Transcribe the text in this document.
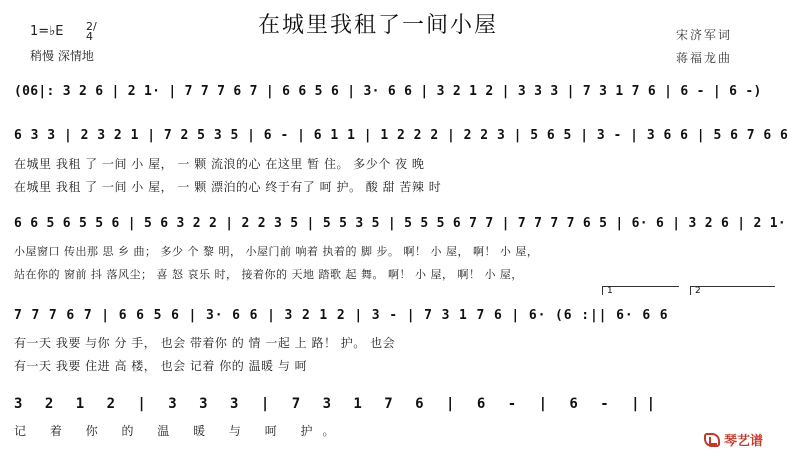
1=♭E 2/4
稍慢 深情地
在城里我租了一间小屋	宋济军词
蒋福龙曲
(06|: 3 2 6 | 2 1· | 7 7 7 6 7 | 6 6 5 6 | 3· 6 6 | 3 2 1 2 | 3 3 3 | 7 3 1 7 6 | 6 - | 6 -)
6 3 3 | 2 3 2 1 | 7 2 5 3 5 | 6 - | 6 1 1 | 1 2 2 2 | 2 2 3 | 5 6 5 | 3 - | 3 6 6 | 5 6 7 6 6
在城里 我租 了 一间 小 屋， 一 颗 流浪的心 在这里 暂 住。 多少个 夜 晚
在城里 我租 了 一间 小 屋， 一 颗 漂泊的心 终于有了 呵 护。 酸 甜 苦辣 时
6 6 5 6 5 5 6 | 5 6 3 2 2 | 2 2 3 5 | 5 5 3 5 | 5 5 5 6 7 7 | 7 7 7 7 6 5 | 6· 6 | 3 2 6 | 2 1·
小屋窗口 传出那 思 乡 曲； 多少 个 黎 明， 小屋门前 响着 执着的 脚 步。 啊！ 小 屋， 啊！ 小 屋，
站在你的 窗前 抖 落风尘； 喜 怒 哀乐 时， 接着你的 天地 踏歌 起 舞。 啊！ 小 屋， 啊！ 小 屋，
1	2
7 7 7 6 7 | 6 6 5 6 | 3· 6 6 | 3 2 1 2 | 3 - | 7 3 1 7 6 | 6· (6 :|| 6· 6 6
有一天 我要 与你 分 手， 也会 带着你 的 情 一起 上 路！ 护。 也会
有一天 我要 住进 高 楼， 也会 记着 你的 温暖 与 呵
3 2 1 2 | 3 3 3 | 7 3 1 7 6 | 6 - | 6 - ||
记 着 你 的 温 暖 与 呵 护。
琴艺谱
